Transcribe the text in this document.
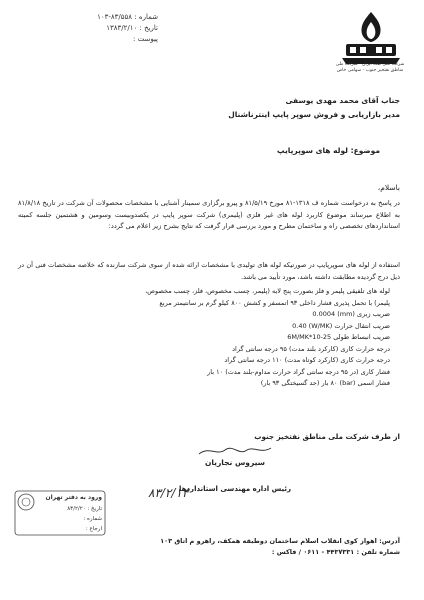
شماره : ۸۳/۵۵۸-۱۰۳
تاریخ : ۱۳۸۳/۲/۱۰
پیوست :
شرکت ملی نفت ایران - شرکت ملی مناطق نفتخیز جنوب - سهامی خاص
جناب آقای محمد مهدی یوسفی
مدیر بازاریابی و فروش سوپر پایپ اینترناشنال
موضوع: لوله های سوپرپایپ
باسلام،
در پاسخ به درخواست شماره ف ۱۳۱۸-۸۱ مورخ ۸۱/۵/۱۹ و پیرو برگزاری سمینار آشنایی با مشخصات محصولات آن شرکت در تاریخ ۸۱/۸/۱۸ به اطلاع میرساند موضوع کاربرد لوله های غیر فلزی (پلیمری) شرکت سوپر پایپ در یکصدوبیست وسومین و هشتمین جلسه کمیته استانداردهای تخصصی راه و ساختمان مطرح و مورد بررسی قرار گرفت که نتایج بشرح زیر اعلام می گردد:
استفاده از لوله های سوپرپایپ در صورتیکه لوله های تولیدی با مشخصات ارائه شده از سوی شرکت سازنده که خلاصه مشخصات فنی آن در ذیل درج گردیده مطابقت داشته باشد، مورد تأیید می باشد.
لوله های تلفیقی پلیمر و فلز بصورت پنج لایه (پلیمر، چسب مخصوص، فلز، چسب مخصوص،
پلیمر) با تحمل پذیری فشار داخلی ۹۳ اتمسفر و کشش ۸۰۰ کیلو گرم بر سانتیمتر مربع
ضریب زبری (mm) 0.0004
ضریب انتقال حرارت (W/MK) 0.40
ضریب انبساط طولی 6M/MK*10-25
درجه حرارت کاری (کارکرد بلند مدت) ۹۵ درجه سانتی گراد
درجه حرارت کاری (کارکرد کوتاه مدت) ۱۱۰ درجه سانتی گراد
فشار کاری (در ۹۵ درجه سانتی گراد حرارت مداوم-بلند مدت) ۱۰ بار
فشار اسمی (bar) ۸۰ بار (حد گسیختگی ۹۳ بار)
از طرف شرکت ملی مناطق نفتخیز جنوب
سیروس نجاریان
رئیس اداره مهندسی استانداردها
۸۳/۲/۱۴
ورود به دفتر تهران
تاریخ : ۸۳/۲/۲۰
شماره :
ارجاع :
آدرس: اهواز کوی انقلاب اسلام ساختمان دوطبقه همکف، راهرو م اتاق ۱۰۳
شماره تلفن : ۴۴۳۷۳۳۱ - ۰۶۱۱ / فاکس :
